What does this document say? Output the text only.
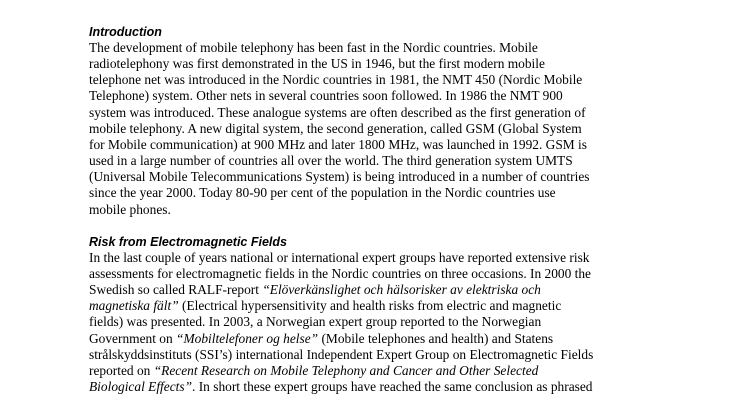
Introduction
The development of mobile telephony has been fast in the Nordic countries. Mobile
radiotelephony was first demonstrated in the US in 1946, but the first modern mobile
telephone net was introduced in the Nordic countries in 1981, the NMT 450 (Nordic Mobile
Telephone) system. Other nets in several countries soon followed. In 1986 the NMT 900
system was introduced. These analogue systems are often described as the first generation of
mobile telephony. A new digital system, the second generation, called GSM (Global System
for Mobile communication) at 900 MHz and later 1800 MHz, was launched in 1992. GSM is
used in a large number of countries all over the world. The third generation system UMTS
(Universal Mobile Telecommunications System) is being introduced in a number of countries
since the year 2000. Today 80-90 per cent of the population in the Nordic countries use
mobile phones.
Risk from Electromagnetic Fields
In the last couple of years national or international expert groups have reported extensive risk
assessments for electromagnetic fields in the Nordic countries on three occasions. In 2000 the
Swedish so called RALF-report “Elöverkänslighet och hälsorisker av elektriska och
magnetiska fält” (Electrical hypersensitivity and health risks from electric and magnetic
fields) was presented. In 2003, a Norwegian expert group reported to the Norwegian
Government on “Mobiltelefoner og helse” (Mobile telephones and health) and Statens
strålskyddsinstituts (SSI’s) international Independent Expert Group on Electromagnetic Fields
reported on “Recent Research on Mobile Telephony and Cancer and Other Selected
Biological Effects”. In short these expert groups have reached the same conclusion as phrased
